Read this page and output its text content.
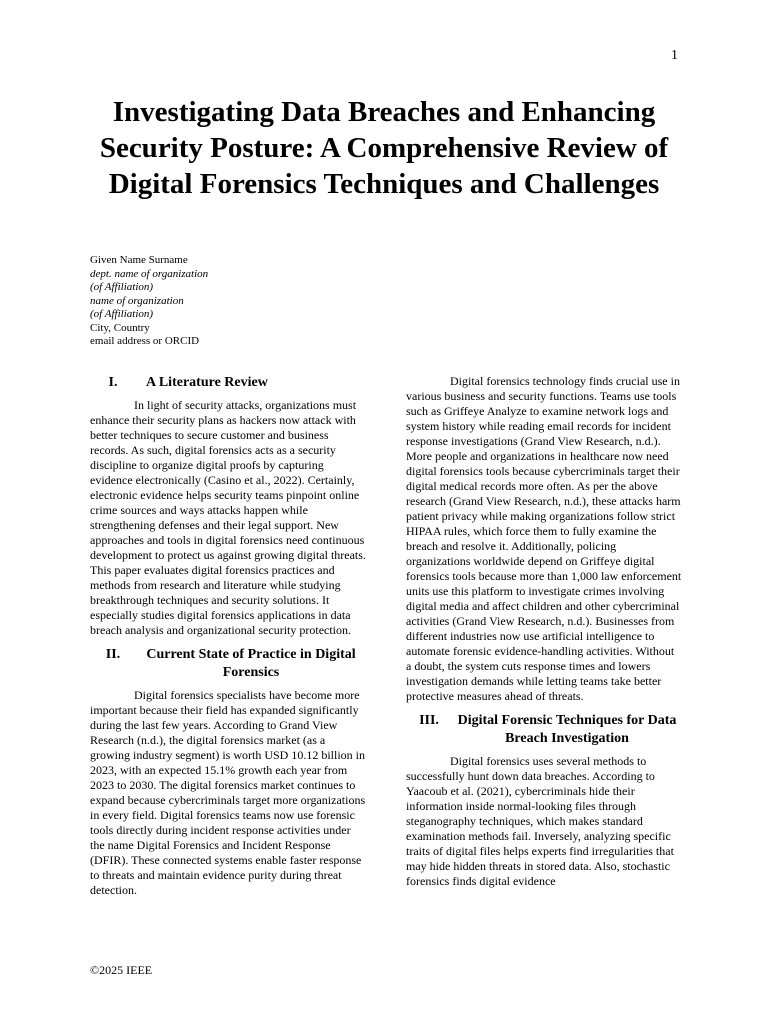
1
Investigating Data Breaches and Enhancing Security Posture: A Comprehensive Review of Digital Forensics Techniques and Challenges
Given Name Surname
dept. name of organization
(of Affiliation)
name of organization
(of Affiliation)
City, Country
email address or ORCID
I.	A Literature Review

In light of security attacks, organizations must enhance their security plans as hackers now attack with better techniques to secure customer and business records. As such, digital forensics acts as a security discipline to organize digital proofs by capturing evidence electronically (Casino et al., 2022). Certainly, electronic evidence helps security teams pinpoint online crime sources and ways attacks happen while strengthening defenses and their legal support. New approaches and tools in digital forensics need continuous development to protect us against growing digital threats. This paper evaluates digital forensics practices and methods from research and literature while studying breakthrough techniques and security solutions. It especially studies digital forensics applications in data breach analysis and organizational security protection.

II.	Current State of Practice in Digital Forensics

Digital forensics specialists have become more important because their field has expanded significantly during the last few years. According to Grand View Research (n.d.), the digital forensics market (as a growing industry segment) is worth USD 10.12 billion in 2023, with an expected 15.1% growth each year from 2023 to 2030. The digital forensics market continues to expand because cybercriminals target more organizations in every field. Digital forensics teams now use forensic tools directly during incident response activities under the name Digital Forensics and Incident Response (DFIR). These connected systems enable faster response to threats and maintain evidence purity during threat detection.

Digital forensics technology finds crucial use in various business and security functions. Teams use tools such as Griffeye Analyze to examine network logs and system history while reading email records for incident response investigations (Grand View Research, n.d.). More people and organizations in healthcare now need digital forensics tools because cybercriminals target their digital medical records more often. As per the above research (Grand View Research, n.d.), these attacks harm patient privacy while making organizations follow strict HIPAA rules, which force them to fully examine the breach and resolve it. Additionally, policing organizations worldwide depend on Griffeye digital forensics tools because more than 1,000 law enforcement units use this platform to investigate crimes involving digital media and affect children and other cybercriminal activities (Grand View Research, n.d.). Businesses from different industries now use artificial intelligence to automate forensic evidence-handling activities. Without a doubt, the system cuts response times and lowers investigation demands while letting teams take better protective measures ahead of threats.

III.	Digital Forensic Techniques for Data Breach Investigation

Digital forensics uses several methods to successfully hunt down data breaches. According to Yaacoub et al. (2021), cybercriminals hide their information inside normal-looking files through steganography techniques, which makes standard examination methods fail. Inversely, analyzing specific traits of digital files helps experts find irregularities that may hide hidden threats in stored data. Also, stochastic forensics finds digital evidence

©2025 IEEE
